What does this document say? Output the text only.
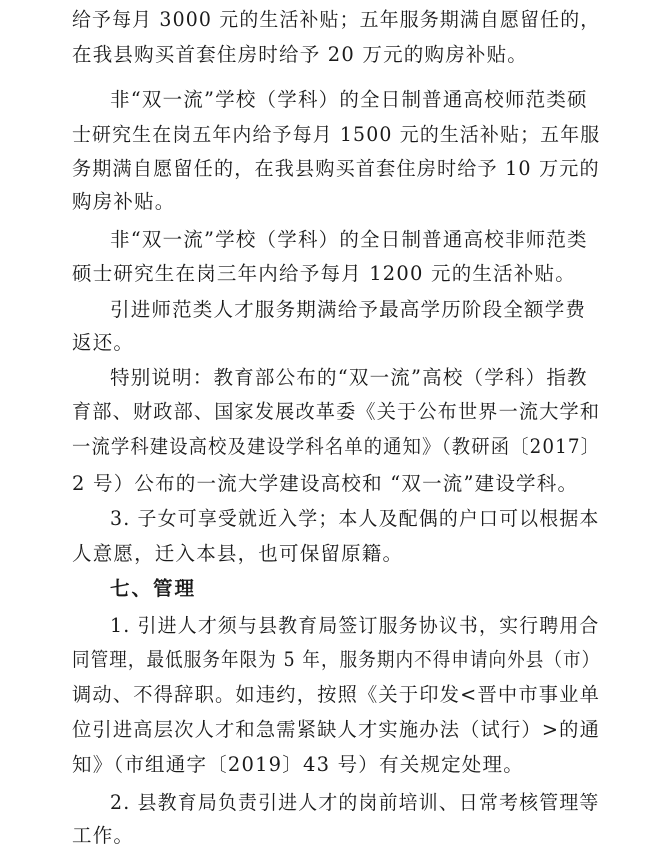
给予每月 3000 元的生活补贴；五年服务期满自愿留任的，
在我县购买首套住房时给予 20 万元的购房补贴。
非“双一流”学校（学科）的全日制普通高校师范类硕
士研究生在岗五年内给予每月 1500 元的生活补贴；五年服
务期满自愿留任的，在我县购买首套住房时给予 10 万元的
购房补贴。
非“双一流”学校（学科）的全日制普通高校非师范类
硕士研究生在岗三年内给予每月 1200 元的生活补贴。
引进师范类人才服务期满给予最高学历阶段全额学费
返还。
特别说明：教育部公布的“双一流”高校（学科）指教
育部、财政部、国家发展改革委《关于公布世界一流大学和
一流学科建设高校及建设学科名单的通知》（教研函〔2017〕
2 号）公布的一流大学建设高校和 “双一流”建设学科。
3. 子女可享受就近入学；本人及配偶的户口可以根据本
人意愿，迁入本县，也可保留原籍。
七、管理
1. 引进人才须与县教育局签订服务协议书，实行聘用合
同管理，最低服务年限为 5 年，服务期内不得申请向外县（市）
调动、不得辞职。如违约，按照《关于印发<晋中市事业单
位引进高层次人才和急需紧缺人才实施办法（试行）>的通
知》（市组通字〔2019〕43 号）有关规定处理。
2. 县教育局负责引进人才的岗前培训、日常考核管理等
工作。
